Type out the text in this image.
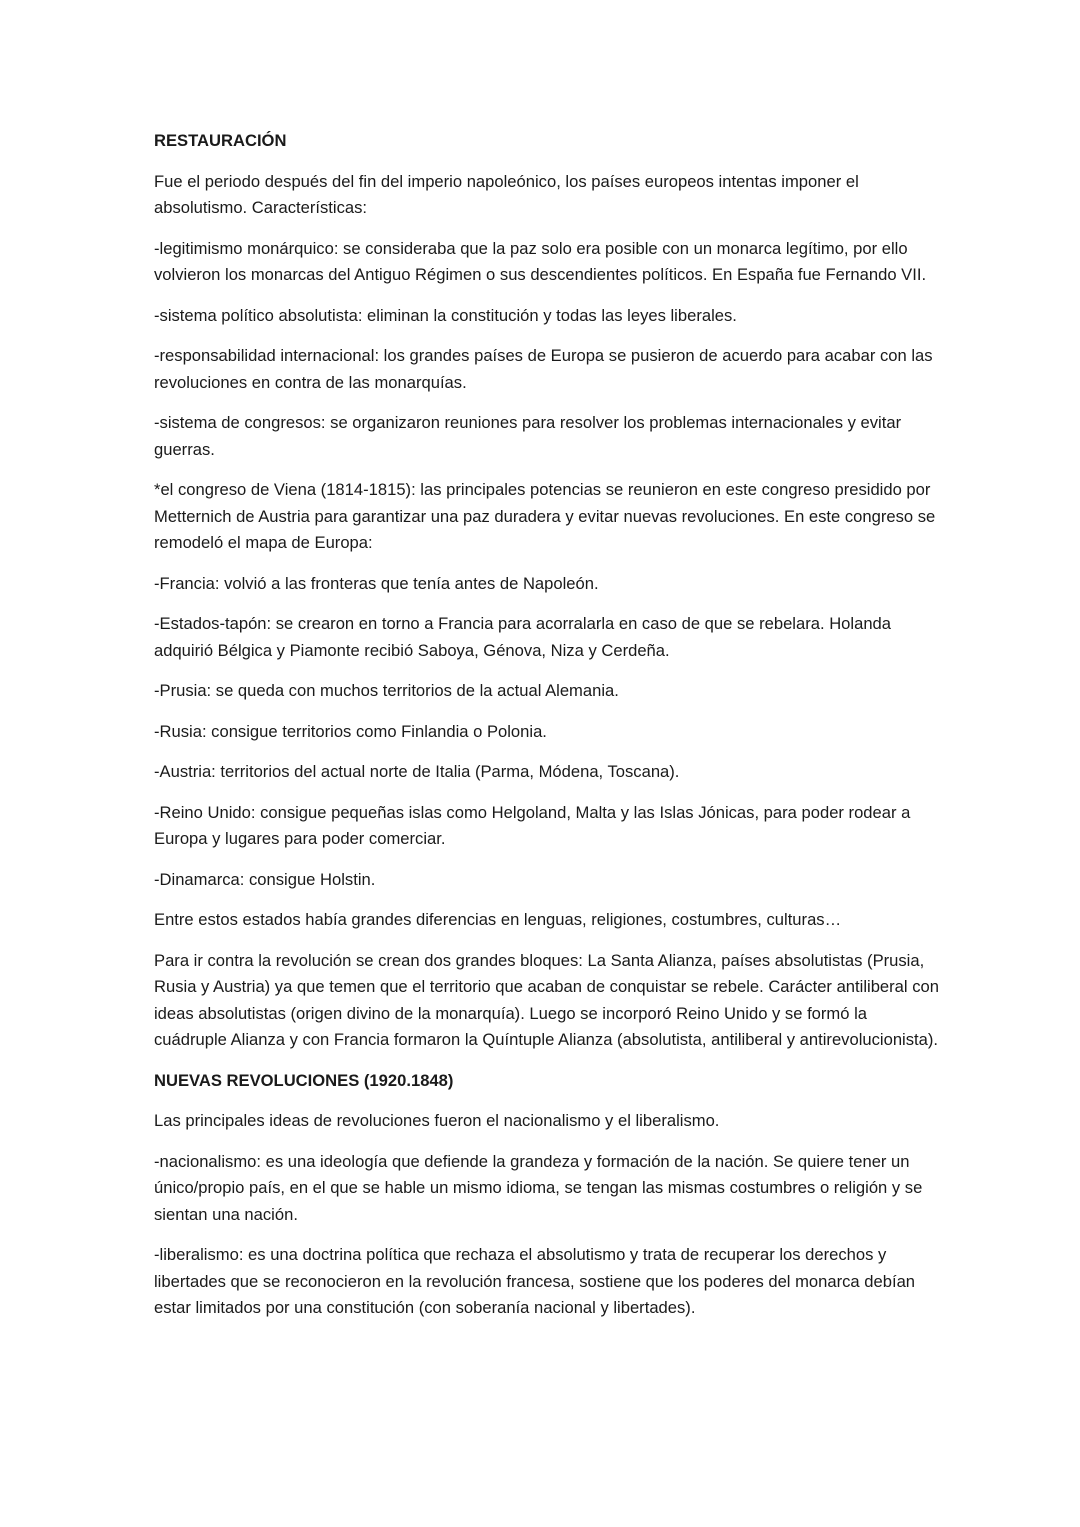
RESTAURACIÓN

Fue el periodo después del fin del imperio napoleónico, los países europeos intentas imponer el absolutismo. Características:

-legitimismo monárquico: se consideraba que la paz solo era posible con un monarca legítimo, por ello volvieron los monarcas del Antiguo Régimen o sus descendientes políticos. En España fue Fernando VII.

-sistema político absolutista: eliminan la constitución y todas las leyes liberales.

-responsabilidad internacional: los grandes países de Europa se pusieron de acuerdo para acabar con las revoluciones en contra de las monarquías.

-sistema de congresos: se organizaron reuniones para resolver los problemas internacionales y evitar guerras.

*el congreso de Viena (1814-1815): las principales potencias se reunieron en este congreso presidido por Metternich de Austria para garantizar una paz duradera y evitar nuevas revoluciones. En este congreso se remodeló el mapa de Europa:

-Francia: volvió a las fronteras que tenía antes de Napoleón.

-Estados-tapón: se crearon en torno a Francia para acorralarla en caso de que se rebelara. Holanda adquirió Bélgica y Piamonte recibió Saboya, Génova, Niza y Cerdeña.

-Prusia: se queda con muchos territorios de la actual Alemania.

-Rusia: consigue territorios como Finlandia o Polonia.

-Austria: territorios del actual norte de Italia (Parma, Módena, Toscana).

-Reino Unido: consigue pequeñas islas como Helgoland, Malta y las Islas Jónicas, para poder rodear a Europa y lugares para poder comerciar.

-Dinamarca: consigue Holstin.

Entre estos estados había grandes diferencias en lenguas, religiones, costumbres, culturas…

Para ir contra la revolución se crean dos grandes bloques: La Santa Alianza, países absolutistas (Prusia, Rusia y Austria) ya que temen que el territorio que acaban de conquistar se rebele. Carácter antiliberal con ideas absolutistas (origen divino de la monarquía). Luego se incorporó Reino Unido y se formó la cuádruple Alianza y con Francia formaron la Quíntuple Alianza (absolutista, antiliberal y antirevolucionista).

NUEVAS REVOLUCIONES (1920.1848)

Las principales ideas de revoluciones fueron el nacionalismo y el liberalismo.

-nacionalismo: es una ideología que defiende la grandeza y formación de la nación. Se quiere tener un único/propio país, en el que se hable un mismo idioma, se tengan las mismas costumbres o religión y se sientan una nación.

-liberalismo: es una doctrina política que rechaza el absolutismo y trata de recuperar los derechos y libertades que se reconocieron en la revolución francesa, sostiene que los poderes del monarca debían estar limitados por una constitución (con soberanía nacional y libertades).
